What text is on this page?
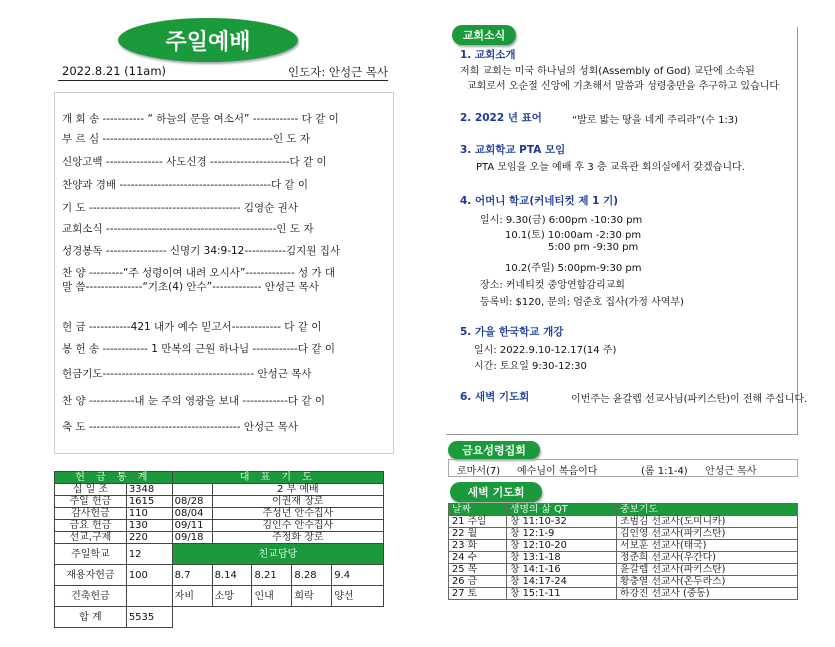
주일예배
2022.8.21 (11am)	인도자: 안성근 목사
개 회 송 ----------- “ 하늘의 문을 여소서” ------------ 다 같 이
부 르 심 ---------------------------------------------인 도 자
신앙고백 --------------- 사도신경 ---------------------다 같 이
찬양과 경배 ----------------------------------------다 같 이
기 도 ---------------------------------------- 김영순 권사
교회소식 ---------------------------------------------인 도 자
성경봉독 ---------------- 신명기 34:9-12-----------김지원 집사
찬 양 ---------“주 성령이여 내려 오시사”------------- 성 가 대
말 씀---------------“기초(4) 안수”------------- 안성근 목사
헌 금 -----------421 내가 예수 믿고서------------- 다 같 이
봉 헌 송 ------------ 1 만복의 근원 하나님 ------------다 같 이
헌금기도---------------------------------------- 안성근 목사
찬 양 ------------내 눈 주의 영광을 보내 ------------다 같 이
축 도 ---------------------------------------- 안성근 목사
헌 금 통 계		대 표 기 도				
십 일 조	3348		2 부 예배			
주일 헌금	1615	08/28	이권재 장로			
감사헌금	110	08/04	주성년 안수집사			
금요 헌금	130	09/11	김인수 안수집사			
선교,구제	220	09/18	주정화 장로			
주일학교	12	친교담당				
재용자헌금	100	8.7	8.14	8.21	8.28	9.4
건축헌금		자비	소망	인내	희락	양선
합 계	5535					
교회소식
1. 교회소개
저희 교회는 미국 하나님의 성회(Assembly of God) 교단에 소속된
교회로서 오순절 신앙에 기초해서 말씀과 성령충만을 추구하고 있습니다
2. 2022 년 표어	“발로 밟는 땅을 네게 주리라”(수 1:3)
3. 교회학교 PTA 모임
PTA 모임을 오늘 예배 후 3 층 교육관 회의실에서 갖겠습니다.
4. 어머니 학교(커네티컷 제 1 기)
일시: 9.30(금) 6:00pm -10:30 pm
10.1(토) 10:00am -2:30 pm
5:00 pm -9:30 pm
10.2(주일) 5:00pm-9:30 pm
장소: 커네티컷 중앙연합감리교회
등록비: $120, 문의: 엄준호 집사(가정 사역부)
5. 가을 한국학교 개강
일시: 2022.9.10-12.17(14 주)
시간: 토요일 9:30-12:30
6. 새벽 기도회	이번주는 윤갈렙 선교사님(파키스탄)이 전해 주십니다.
금요성령집회
로마서(7) 예수님이 복음이다	(롬 1:1-4) 안성근 목사
새벽 기도회
날짜	생명의 삶 QT	중보기도
21 주일	창 11:10-32	조범김 선교사(도미니카)
22 월	창 12:1-9	김인영 선교사(파키스탄)
23 화	창 12:10-20	서보훈 선교사(태국)
24 수	창 13:1-18	정준희 선교사(우간다)
25 목	창 14:1-16	윤갈렙 선교사(파키스탄)
26 금	창 14:17-24	황충열 선교사(온두라스)
27 토	창 15:1-11	하강진 선교사 (중동)
